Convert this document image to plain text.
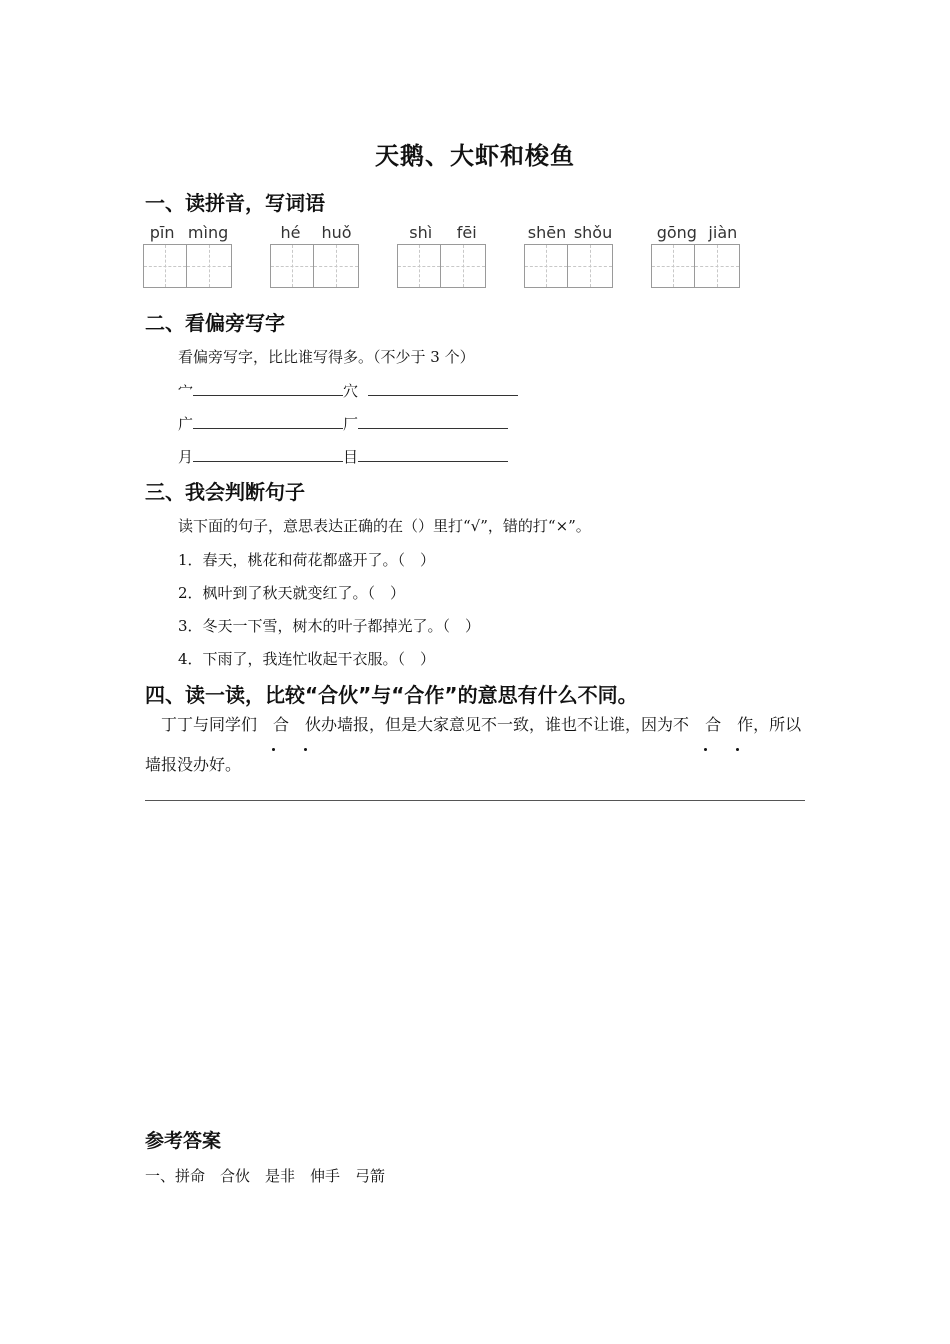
天鹅、大虾和梭鱼
一、读拼音，写词语
pīn mìng	hé huǒ	shì fēi	shēn shǒu	gōng jiàn
二、看偏旁写字
看偏旁写字，比比谁写得多。（不少于 3 个）
宀	穴
广	厂
月	目
三、我会判断句子
读下面的句子，意思表达正确的在（）里打“√”，错的打“×”。
1．春天，桃花和荷花都盛开了。（　）
2．枫叶到了秋天就变红了。（　）
3．冬天一下雪，树木的叶子都掉光了。（　）
4．下雨了，我连忙收起干衣服。（　）
四、读一读，比较“合伙”与“合作”的意思有什么不同。
丁丁与同学们 合 伙办墙报，但是大家意见不一致，谁也不让谁，因为不 合 作，所以墙报没办好。
参考答案
一、拼命　合伙　是非　伸手　弓箭
